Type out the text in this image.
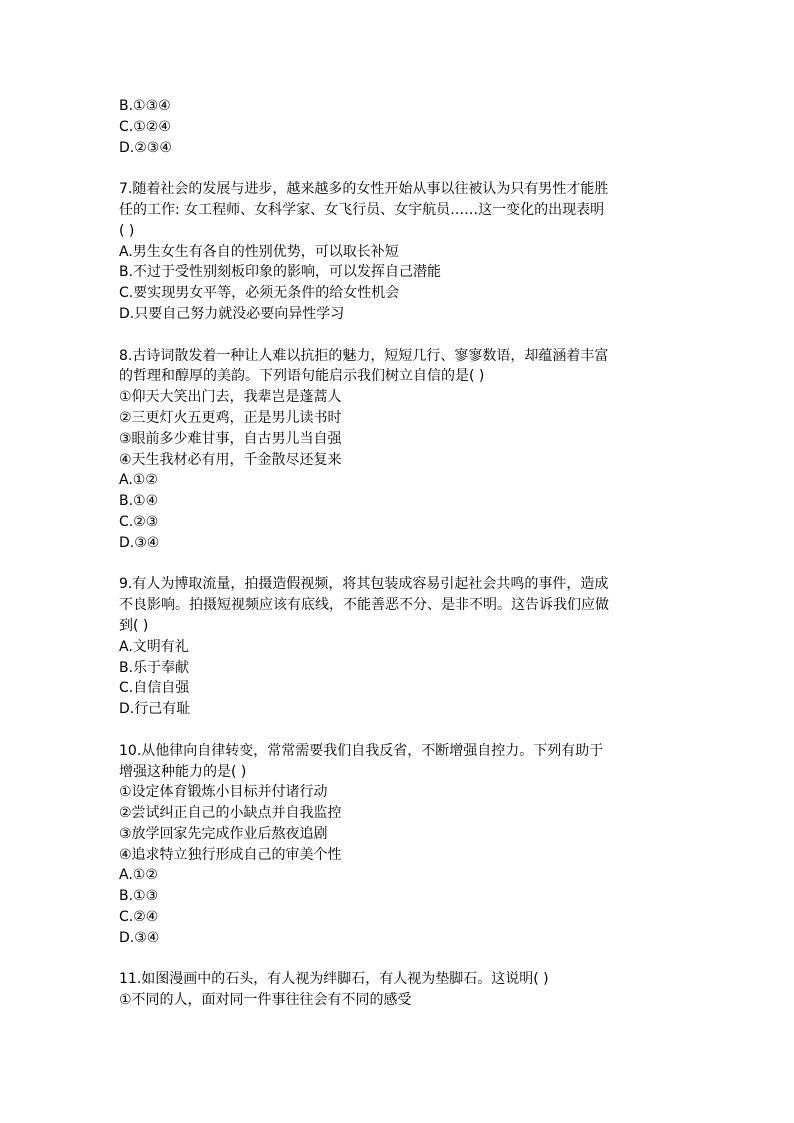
B.①③④

C.①②④

D.②③④

7.随着社会的发展与进步，越来越多的女性开始从事以往被认为只有男性才能胜

任的工作: 女工程师、女科学家、女飞行员、女宇航员……这一变化的出现表明

( )

A.男生女生有各自的性别优势，可以取长补短

B.不过于受性别刻板印象的影响，可以发挥自己潜能

C.要实现男女平等，必须无条件的给女性机会

D.只要自己努力就没必要向异性学习

8.古诗词散发着一种让人难以抗拒的魅力，短短几行、寥寥数语，却蕴涵着丰富

的哲理和醇厚的美韵。下列语句能启示我们树立自信的是( )

①仰天大笑出门去，我辈岂是蓬蒿人

②三更灯火五更鸡，正是男儿读书时

③眼前多少难甘事，自古男儿当自强

④天生我材必有用，千金散尽还复来

A.①②

B.①④

C.②③

D.③④

9.有人为博取流量，拍摄造假视频，将其包装成容易引起社会共鸣的事件，造成

不良影响。拍摄短视频应该有底线，不能善恶不分、是非不明。这告诉我们应做

到( )

A.文明有礼

B.乐于奉献

C.自信自强

D.行己有耻

10.从他律向自律转变，常常需要我们自我反省，不断增强自控力。下列有助于

增强这种能力的是( )

①设定体育锻炼小目标并付诸行动

②尝试纠正自己的小缺点并自我监控

③放学回家先完成作业后熬夜追剧

④追求特立独行形成自己的审美个性

A.①②

B.①③

C.②④

D.③④

11.如图漫画中的石头，有人视为绊脚石，有人视为垫脚石。这说明( )

①不同的人，面对同一件事往往会有不同的感受
